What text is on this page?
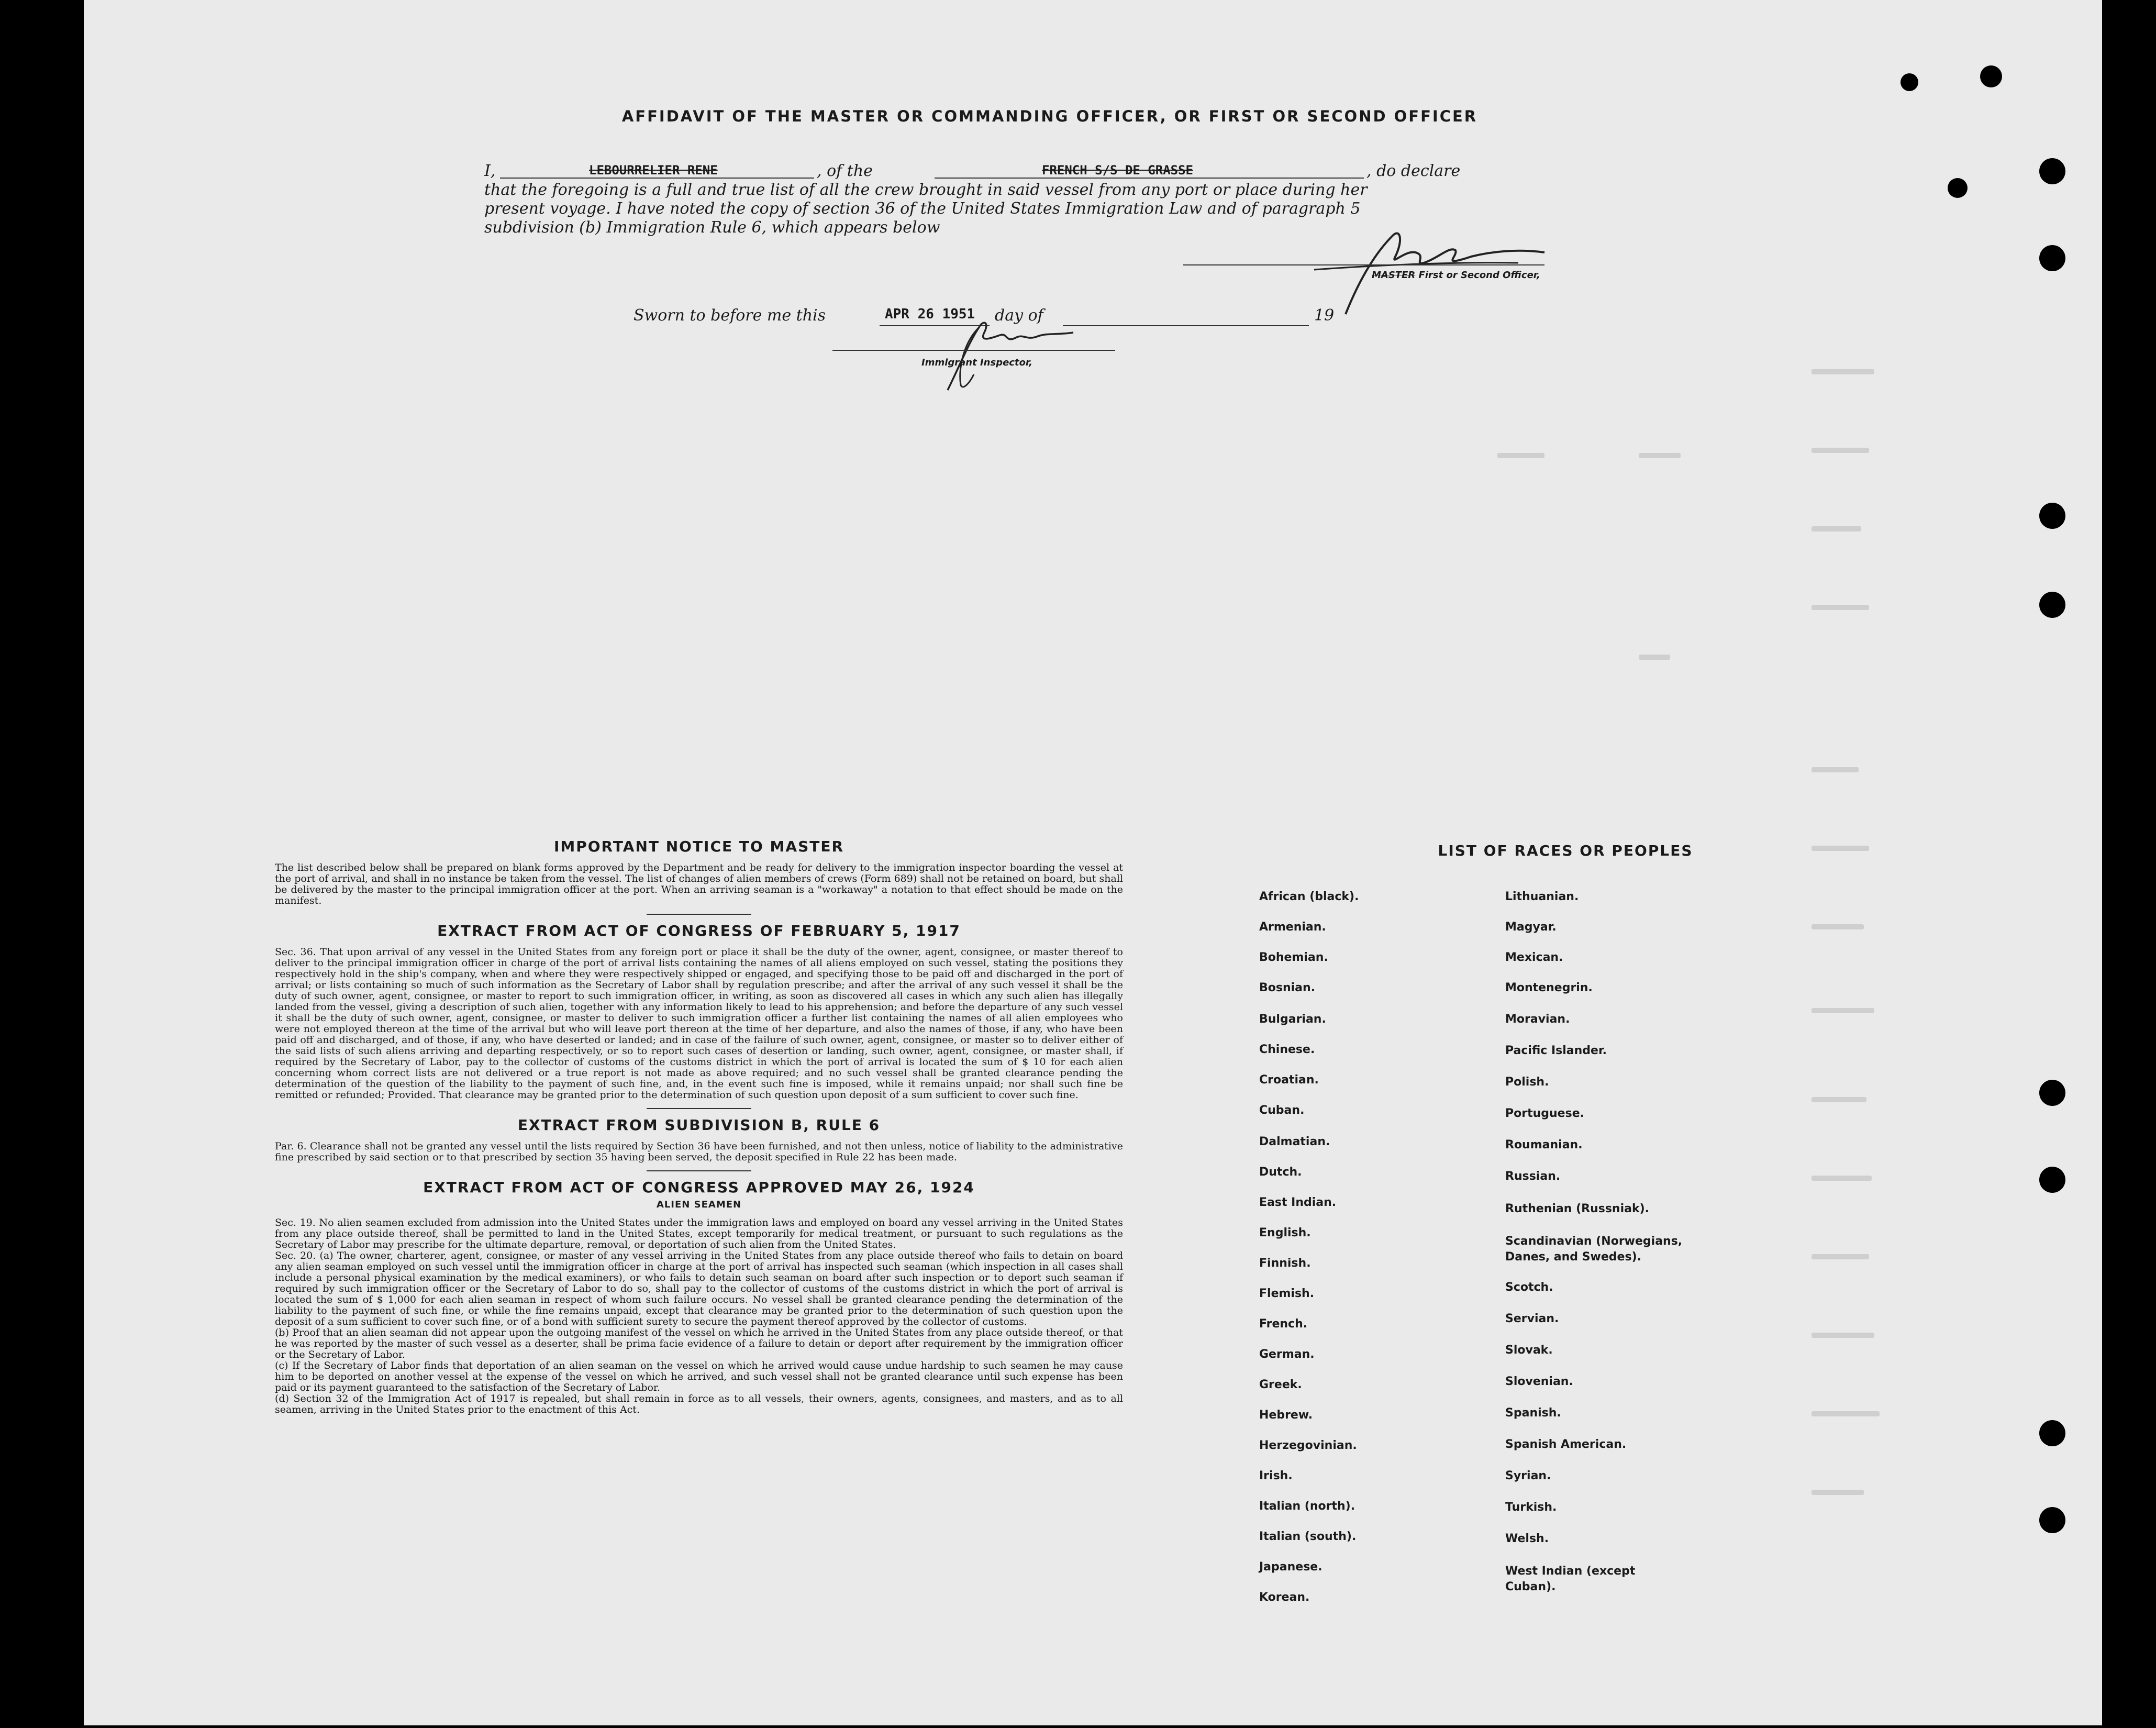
AFFIDAVIT OF THE MASTER OR COMMANDING OFFICER, OR FIRST OR SECOND OFFICER
I,	LEBOURRELIER RENE	, of the	FRENCH S/S DE GRASSE	, do declare
that the foregoing is a full and true list of all the crew brought in said vessel from any port or place during her
present voyage. I have noted the copy of section 36 of the United States Immigration Law and of paragraph 5
subdivision (b) Immigration Rule 6, which appears below
MASTER First or Second Officer,
Sworn to before me this	APR 26 1951 day of	19
Immigrant Inspector,
IMPORTANT NOTICE TO MASTER
The list described below shall be prepared on blank forms approved by the Department and be ready for delivery to the immigration inspector boarding the vessel at the port of arrival, and shall in no instance be taken from the vessel. The list of changes of alien members of crews (Form 689) shall not be retained on board, but shall be delivered by the master to the principal immigration officer at the port. When an arriving seaman is a "workaway" a notation to that effect should be made on the manifest.
EXTRACT FROM ACT OF CONGRESS OF FEBRUARY 5, 1917
Sec. 36. That upon arrival of any vessel in the United States from any foreign port or place it shall be the duty of the owner, agent, consignee, or master thereof to deliver to the principal immigration officer in charge of the port of arrival lists containing the names of all aliens employed on such vessel, stating the positions they respectively hold in the ship's company, when and where they were respectively shipped or engaged, and specifying those to be paid off and discharged in the port of arrival; or lists containing so much of such information as the Secretary of Labor shall by regulation prescribe; and after the arrival of any such vessel it shall be the duty of such owner, agent, consignee, or master to report to such immigration officer, in writing, as soon as discovered all cases in which any such alien has illegally landed from the vessel, giving a description of such alien, together with any information likely to lead to his apprehension; and before the departure of any such vessel it shall be the duty of such owner, agent, consignee, or master to deliver to such immigration officer a further list containing the names of all alien employees who were not employed thereon at the time of the arrival but who will leave port thereon at the time of her departure, and also the names of those, if any, who have been paid off and discharged, and of those, if any, who have deserted or landed; and in case of the failure of such owner, agent, consignee, or master so to deliver either of the said lists of such aliens arriving and departing respectively, or so to report such cases of desertion or landing, such owner, agent, consignee, or master shall, if required by the Secretary of Labor, pay to the collector of customs of the customs district in which the port of arrival is located the sum of $ 10 for each alien concerning whom correct lists are not delivered or a true report is not made as above required; and no such vessel shall be granted clearance pending the determination of the question of the liability to the payment of such fine, and, in the event such fine is imposed, while it remains unpaid; nor shall such fine be remitted or refunded; Provided. That clearance may be granted prior to the determination of such question upon deposit of a sum sufficient to cover such fine.
EXTRACT FROM SUBDIVISION B, RULE 6
Par. 6. Clearance shall not be granted any vessel until the lists required by Section 36 have been furnished, and not then unless, notice of liability to the administrative fine prescribed by said section or to that prescribed by section 35 having been served, the deposit specified in Rule 22 has been made.
EXTRACT FROM ACT OF CONGRESS APPROVED MAY 26, 1924
ALIEN SEAMEN
Sec. 19. No alien seamen excluded from admission into the United States under the immigration laws and employed on board any vessel arriving in the United States from any place outside thereof, shall be permitted to land in the United States, except temporarily for medical treatment, or pursuant to such regulations as the Secretary of Labor may prescribe for the ultimate departure, removal, or deportation of such alien from the United States.
Sec. 20. (a) The owner, charterer, agent, consignee, or master of any vessel arriving in the United States from any place outside thereof who fails to detain on board any alien seaman employed on such vessel until the immigration officer in charge at the port of arrival has inspected such seaman (which inspection in all cases shall include a personal physical examination by the medical examiners), or who fails to detain such seaman on board after such inspection or to deport such seaman if required by such immigration officer or the Secretary of Labor to do so, shall pay to the collector of customs of the customs district in which the port of arrival is located the sum of $ 1,000 for each alien seaman in respect of whom such failure occurs. No vessel shall be granted clearance pending the determination of the liability to the payment of such fine, or while the fine remains unpaid, except that clearance may be granted prior to the determination of such question upon the deposit of a sum sufficient to cover such fine, or of a bond with sufficient surety to secure the payment thereof approved by the collector of customs.
(b) Proof that an alien seaman did not appear upon the outgoing manifest of the vessel on which he arrived in the United States from any place outside thereof, or that he was reported by the master of such vessel as a deserter, shall be prima facie evidence of a failure to detain or deport after requirement by the immigration officer or the Secretary of Labor.
(c) If the Secretary of Labor finds that deportation of an alien seaman on the vessel on which he arrived would cause undue hardship to such seamen he may cause him to be deported on another vessel at the expense of the vessel on which he arrived, and such vessel shall not be granted clearance until such expense has been paid or its payment guaranteed to the satisfaction of the Secretary of Labor.
(d) Section 32 of the Immigration Act of 1917 is repealed, but shall remain in force as to all vessels, their owners, agents, consignees, and masters, and as to all seamen, arriving in the United States prior to the enactment of this Act.
LIST OF RACES OR PEOPLES
African (black).
Armenian.
Bohemian.
Bosnian.
Bulgarian.
Chinese.
Croatian.
Cuban.
Dalmatian.
Dutch.
East Indian.
English.
Finnish.
Flemish.
French.
German.
Greek.
Hebrew.
Herzegovinian.
Irish.
Italian (north).
Italian (south).
Japanese.
Korean.
Lithuanian.
Magyar.
Mexican.
Montenegrin.
Moravian.
Pacific Islander.
Polish.
Portuguese.
Roumanian.
Russian.
Ruthenian (Russniak).
Scandinavian (Norwegians, Danes, and Swedes).
Scotch.
Servian.
Slovak.
Slovenian.
Spanish.
Spanish American.
Syrian.
Turkish.
Welsh.
West Indian (except Cuban).
